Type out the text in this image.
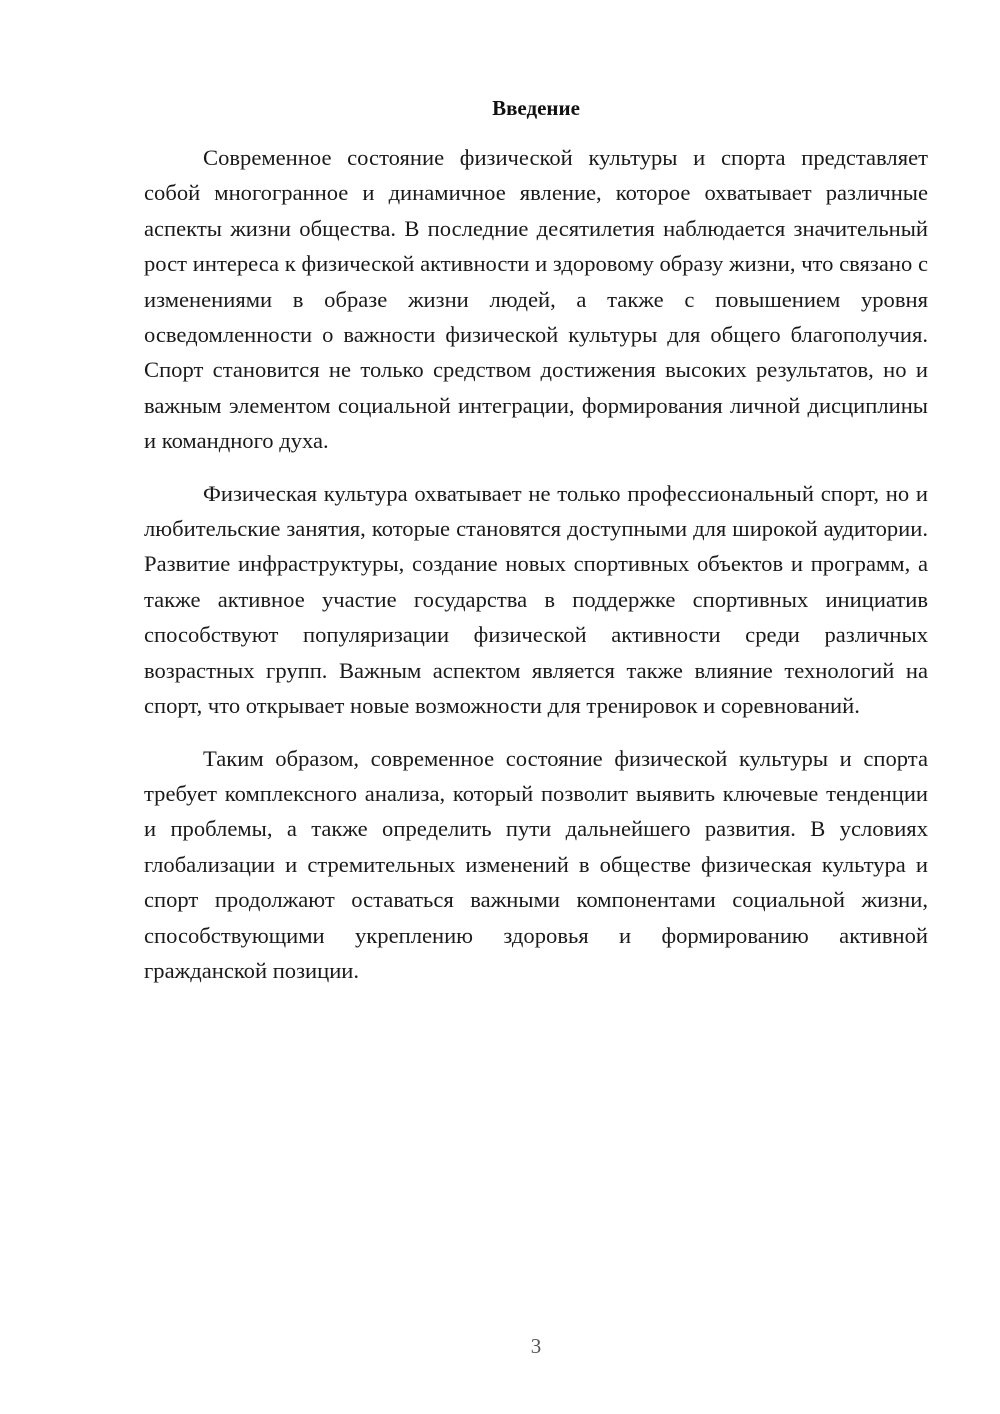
Введение

Современное состояние физической культуры и спорта представляет собой многогранное и динамичное явление, которое охватывает различные аспекты жизни общества. В последние десятилетия наблюдается значительный рост интереса к физической активности и здоровому образу жизни, что связано с изменениями в образе жизни людей, а также с повышением уровня осведомленности о важности физической культуры для общего благополучия. Спорт становится не только средством достижения высоких результатов, но и важным элементом социальной интеграции, формирования личной дисциплины и командного духа.

Физическая культура охватывает не только профессиональный спорт, но и любительские занятия, которые становятся доступными для широкой аудитории. Развитие инфраструктуры, создание новых спортивных объектов и программ, а также активное участие государства в поддержке спортивных инициатив способствуют популяризации физической активности среди различных возрастных групп. Важным аспектом является также влияние технологий на спорт, что открывает новые возможности для тренировок и соревнований.

Таким образом, современное состояние физической культуры и спорта требует комплексного анализа, который позволит выявить ключевые тенденции и проблемы, а также определить пути дальнейшего развития. В условиях глобализации и стремительных изменений в обществе физическая культура и спорт продолжают оставаться важными компонентами социальной жизни, способствующими укреплению здоровья и формированию активной гражданской позиции.

3
